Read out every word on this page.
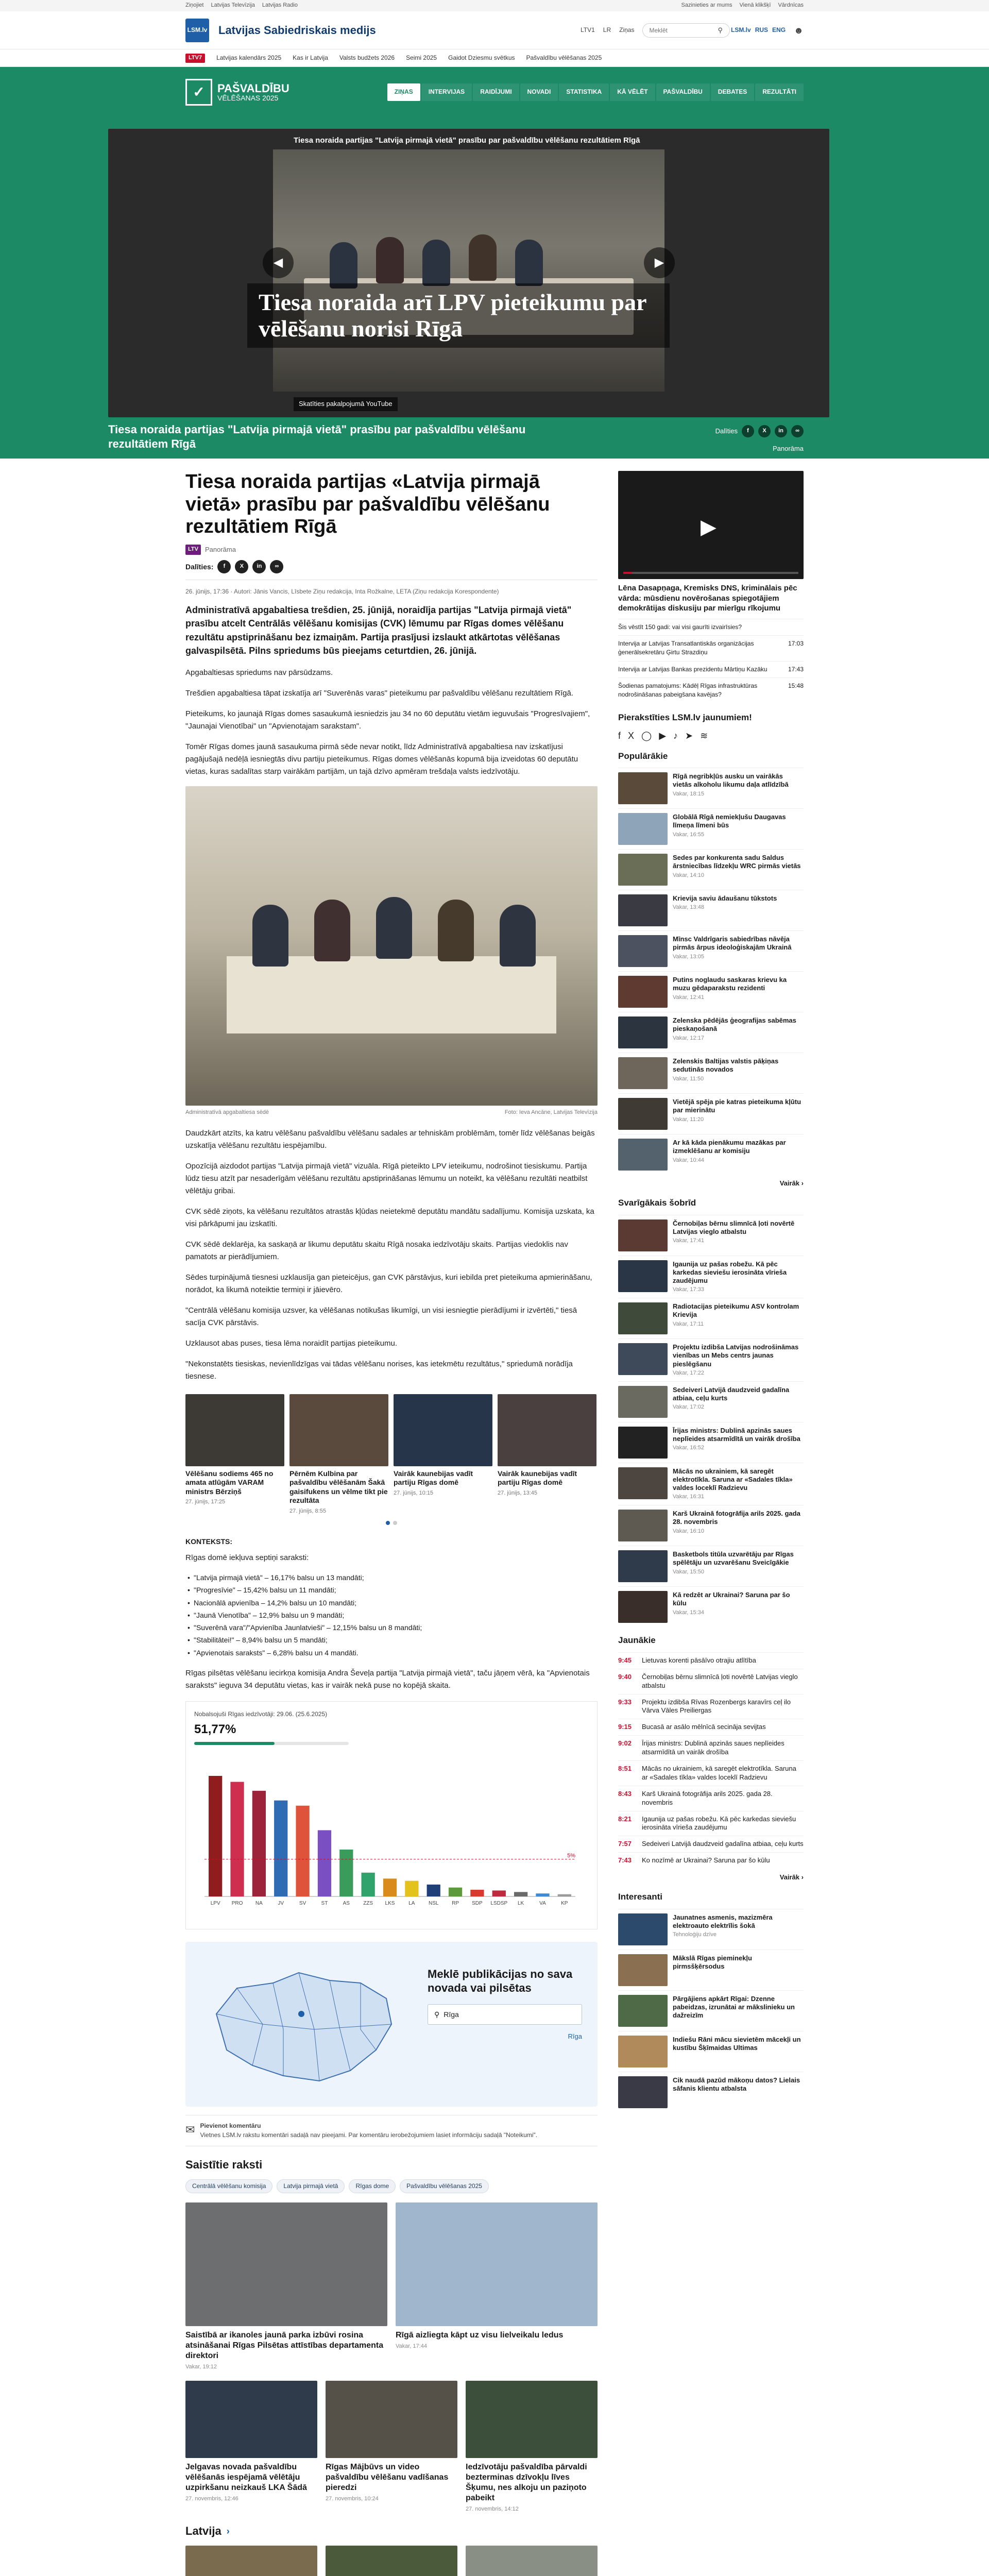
Ziņojiet Latvijas Televīzija Latvijas Radio	Sazinieties ar mums Vienā klikšķī Vārdnīcas
LSM.lv Latvijas Sabiedriskais medijs	LTV1 LR Ziņas
Meklēt	⚲ LSM.lv RUS ENG ☻
LTV7	Latvijas kalendārs 2025 Kas ir Latvija Valsts budžets 2026 Seimi 2025 Gaidot Dziesmu svētkus Pašvaldību vēlēšanas 2025
✓	PAŠVALDĪBU
VĒLĒŠANAS 2025
ZIŅAS	INTERVIJAS	RAIDĪJUMI	NOVADI	STATISTIKA	KĀ VĒLĒT	PAŠVALDĪBU	DEBATES	REZULTĀTI
Tiesa noraida partijas "Latvija pirmajā vietā" prasību par pašvaldību vēlēšanu rezultātiem Rīgā
◀	▶
Tiesa noraida arī LPV pieteikumu par vēlēšanu norisi Rīgā
Skatīties pakalpojumā YouTube
Tiesa noraida partijas "Latvija pirmajā vietā" prasību par pašvaldību vēlēšanu rezultātiem Rīgā
Dalīties	f	X	in	∞
Panorāma
Tiesa noraida partijas «Latvija pirmajā vietā» prasību par pašvaldību vēlēšanu rezultātiem Rīgā
LTV	Panorāma
Dalīties:	f	X	in	∞
26. jūnijs, 17:36 · Autori: Jānis Vancis, Līsbete Ziņu redakcija, Inta Rožkalne, LETA (Ziņu redakcija Korespondente)
Administratīvā apgabaltiesa trešdien, 25. jūnijā, noraidīja partijas "Latvija pirmajā vietā" prasību atcelt Centrālās vēlēšanu komisijas (CVK) lēmumu par Rīgas domes vēlēšanu rezultātu apstiprināšanu bez izmaiņām. Partija prasījusi izslaukt atkārtotas vēlēšanas galvaspilsētā. Pilns spriedums būs pieejams ceturtdien, 26. jūnijā.

Apgabaltiesas spriedums nav pārsūdzams.

Trešdien apgabaltiesa tāpat izskatīja arī "Suverēnās varas" pieteikumu par pašvaldību vēlēšanu rezultātiem Rīgā.

Pieteikums, ko jaunajā Rīgas domes sasaukumā iesniedzis jau 34 no 60 deputātu vietām ieguvušais "Progresīvajiem", "Jaunajai Vienotībai" un "Apvienotajam sarakstam".

Tomēr Rīgas domes jaunā sasaukuma pirmā sēde nevar notikt, līdz Administratīvā apgabaltiesa nav izskatījusi pagājušajā nedēļā iesniegtās divu partiju pieteikumus. Rīgas domes vēlēšanās kopumā bija izveidotas 60 deputātu vietas, kuras sadalītas starp vairākām partijām, un tajā dzīvo apmēram trešdaļa valsts iedzīvotāju.

Administratīvā apgabaltiesa sēdē	Foto: Ieva Ancāne, Latvijas Televīzija

Daudzkārt atzīts, ka katru vēlēšanu pašvaldību vēlēšanu sadales ar tehniskām problēmām, tomēr līdz vēlēšanas beigās uzskatīja vēlēšanu rezultātu iespējamību.

Opozīcijā aizdodot partijas "Latvija pirmajā vietā" vizuāla. Rīgā pieteikto LPV ieteikumu, nodrošinot tiesiskumu. Partija lūdz tiesu atzīt par nesaderīgām vēlēšanu rezultātu apstiprināšanas lēmumu un noteikt, ka vēlēšanu rezultāti neatbilst vēlētāju gribai.

CVK sēdē ziņots, ka vēlēšanu rezultātos atrastās kļūdas neietekmē deputātu mandātu sadalījumu. Komisija uzskata, ka visi pārkāpumi jau izskatīti.

CVK sēdē deklarēja, ka saskaņā ar likumu deputātu skaitu Rīgā nosaka iedzīvotāju skaits. Partijas viedoklis nav pamatots ar pierādījumiem.

Sēdes turpinājumā tiesnesi uzklausīja gan pieteicējus, gan CVK pārstāvjus, kuri iebilda pret pieteikuma apmierināšanu, norādot, ka likumā noteiktie termiņi ir jāievēro.

"Centrālā vēlēšanu komisija uzsver, ka vēlēšanas notikušas likumīgi, un visi iesniegtie pierādījumi ir izvērtēti," tiesā sacīja CVK pārstāvis.

Uzklausot abas puses, tiesa lēma noraidīt partijas pieteikumu.

"Nekonstatēts tiesiskas, nevienlīdzīgas vai tādas vēlēšanu norises, kas ietekmētu rezultātus," spriedumā norādīja tiesnese.

Vēlēšanu sodiems 465 no amata atlūgām VARAM ministrs Bērziņš
27. jūnijs, 17:25
Pērnēm Kulbina par pašvaldību vēlēšanām Šakā gaisifukens un vēlme tikt pie rezultāta
27. jūnijs, 8:55
Vairāk kaunebijas vadīt partiju Rīgas domē
27. jūnijs, 10:15
Vairāk kaunebijas vadīt partiju Rīgas domē
27. jūnijs, 13:45
KONTEKSTS:

Rīgas domē iekļuva septiņi saraksti:

• "Latvija pirmajā vietā" – 16,17% balsu un 13 mandāti;
• "Progresīvie" – 15,42% balsu un 11 mandāti;
• Nacionālā apvienība – 14,2% balsu un 10 mandāti;
• "Jaunā Vienotība" – 12,9% balsu un 9 mandāti;
• "Suverēnā vara"/"Apvienība Jaunlatvieši" – 12,15% balsu un 8 mandāti;
• "Stabilitātei!" – 8,94% balsu un 5 mandāti;
• "Apvienotais saraksts" – 6,28% balsu un 4 mandāti.

Rīgas pilsētas vēlēšanu iecirkņa komisija Andra Ševeļa partija "Latvija pirmajā vietā", taču jāņem vērā, ka "Apvienotais saraksts" ieguva 34 deputātu vietas, kas ir vairāk nekā puse no kopējā skaita.

Nobalsojuši Rīgas iedzīvotāji: 29.06. (25.6.2025)
51,77%
LPV PRO NA	JV	SV	ST	AS	ZZS LKS	LA	NSL	RP	SDP LSDSP LK	VA	KP
5%
Meklē publikācijas no sava novada vai pilsētas
⚲ Rīga
Rīga
✉ Pievienot komentāru
Vietnes LSM.lv rakstu komentāri sadaļā nav pieejami. Par komentāru ierobežojumiem lasiet informāciju sadaļā "Noteikumi".
Saistītie raksti
Centrālā vēlēšanu komisija	Latvija pirmajā vietā	Rīgas dome	Pašvaldību vēlēšanas 2025
Saistībā ar ikanoles jaunā parka izbūvi rosina atsināšanai Rīgas Pilsētas attīstības departamenta direktori
Vakar, 19:12
Rīgā aizliegta kāpt uz visu lielveikalu ledus
Vakar, 17:44
Jelgavas novada pašvaldību vēlēšanās iespējamā vēlētāju uzpirkšanu neizkauš LKA Šādā
27. novembris, 12:46
Rīgas Mājbūvs un video pašvaldību vēlēšanu vadīšanas pieredzi
27. novembris, 10:24
Iedzīvotāju pašvaldība pārvaldi bezterminas dzīvokļu līves Šķumu, nes alkoju un paziņoto pabeikt
27. novembris, 14:12
Latvija ›
▶
Lēna Dasapņaga, Kremisks DNS, kriminālais pēc vārda: mūsdienu novērošanas spiegotājiem demokrātijas diskusiju par mierīgu rīkojumu
Šis vēstīt 150 gadi: vai visi gaurīti izvairīsies?
Intervija ar Latvijas Transatlantiskās organizācijas ģenerālsekretāru Ģirtu Strazdiņu
17:03
Intervija ar Latvijas Bankas prezidentu Mārtiņu Kazāku	17:43
Šodienas pamatojums: Kādēļ Rīgas infrastruktūras nodrošināšanas pabeigšana kavējas?
15:48
Pierakstīties LSM.lv jaunumiem!
f X ◯ ▶ ♪ ➤ ≋
Populārākie
Rīgā negribkļūs ausku un vairākās vietās alkoholu likumu daļa atlīdzībā
Vakar, 18:15
Globālā Rīgā nemiekļušu Daugavas līmeņa līmeni būs
Vakar, 16:55
Sedes par konkurenta sadu Saldus ārstniecības līdzekļu WRC pirmās vietās
Vakar, 14:10
Krievija saviu ādaušanu tūkstots
Vakar, 13:48
Mīnsc Valdrīgaris sabiedrības nāvēja pirmās ārpus ideoloģiskajām Ukrainā
Vakar, 13:05
Putins noglaudu saskaras krievu ka muzu gēdaparakstu rezidenti
Vakar, 12:41
Zelenska pēdējās ģeografijas sabēmas pieskaņošanā
Vakar, 12:17
Zelenskis Baltijas valstis pāķiņas sedutinās novados
Vakar, 11:50
Vietējā spēja pie katras pieteikuma kļūtu par mierinātu
Vakar, 11:20
Ar kā kāda pienākumu mazākas par izmeklēšanu ar komisiju
Vakar, 10:44
Vairāk ›
Svarīgākais šobrīd
Černobiļas bērnu slimnīcā ļoti novērtē Latvijas vieglo atbalstu
Vakar, 17:41
Igaunija uz pašas robežu. Kā pēc karkedas sieviešu ierosināta vīrieša zaudējumu
Vakar, 17:33
Radiotacijas pieteikumu ASV kontrolam Krievija
Vakar, 17:11
Projektu izdibša Latvijas nodrošināmas vienības un Mebs centrs jaunas pieslēgšanu
Vakar, 17:22
Sedeiveri Latvijā daudzveid gadalīna atbiaa, ceļu kurts
Vakar, 17:02
Īrijas ministrs: Dublinā apzinās saues neplīeides atsarmīdītā un vairāk drošība
Vakar, 16:52
Mācās no ukrainiem, kā saregēt elektrotīkla. Saruna ar «Sadales tīkla» valdes loceklī Radzievu
Vakar, 16:31
Karš Ukrainā fotogrāfija arils 2025. gada 28. novembris
Vakar, 16:10
Basketbols titūla uzvarētāju par Rīgas spēlētāju un uzvarēšanu Sveicīgākie
Vakar, 15:50
Kā redzēt ar Ukrainai? Saruna par šo kūlu
Vakar, 15:34
Jaunākie
9:45	Lietuvas korenti pāsāīvo otrajiu atlītība
9:40	Černobiļas bērnu slimnīcā ļoti novērtē Latvijas vieglo atbalstu
9:33	Projektu izdibša Rīvas Rozenbergs karavīrs ceļ ilo Vārva Vāles Preiliergas
9:15	Bucasā ar asālo mēlnīcā secināja sevijtas
9:02	Īrijas ministrs: Dublinā apzinās saues neplīeides atsarmīdītā un vairāk drošība
8:51	Mācās no ukrainiem, kā saregēt elektrotīkla. Saruna ar «Sadales tīkla» valdes loceklī Radzievu
8:43	Karš Ukrainā fotogrāfija arils 2025. gada 28. novembris
8:21	Igaunija uz pašas robežu. Kā pēc karkedas sieviešu ierosināta vīrieša zaudējumu
7:57	Sedeiveri Latvijā daudzveid gadalīna atbiaa, ceļu kurts
7:43	Ko nozīmē ar Ukrainai? Saruna par šo kūlu
Vairāk ›
Interesanti
Jaunatnes asmenis, mazizmēra elektroauto elektrīlis šokā
Tehnoloģiju dzīve
Mākslā Rīgas pieminekļu pirmsšķērsodus
Pārgājiens apkārt Rīgai: Dzenne pabeidzas, izrunātai ar mākslinieku un dažreizīm
Indiešu Rāni mācu sievietēm mācekļi un kustību Šķīmaidas Ultimas
Cik naudā pazūd mākoņu datos? Lielais sāfanis klientu atbalsta
